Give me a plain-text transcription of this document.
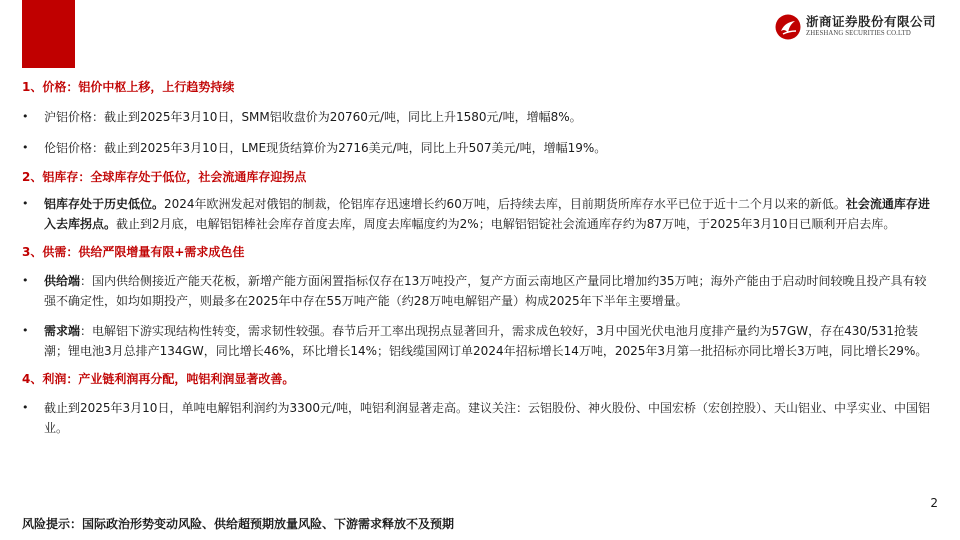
浙商证券股份有限公司
ZHESHANG SECURITIES CO.LTD

1、价格：铝价中枢上移，上行趋势持续

•	沪铝价格：截止到2025年3月10日，SMM铝收盘价为20760元/吨，同比上升1580元/吨，增幅8%。

•	伦铝价格：截止到2025年3月10日，LME现货结算价为2716美元/吨，同比上升507美元/吨，增幅19%。

2、铝库存：全球库存处于低位，社会流通库存迎拐点

•	铝库存处于历史低位。2024年欧洲发起对俄铝的制裁，伦铝库存迅速增长约60万吨，后持续去库，目前期货所库存水平已位于近十二个月以来的新低。社会流通库存进入去库拐点。截止到2月底，电解铝铝棒社会库存首度去库，周度去库幅度约为2%；电解铝铝锭社会流通库存约为87万吨，于2025年3月10日已顺利开启去库。

3、供需：供给严限增量有限+需求成色佳

•	供给端：国内供给侧接近产能天花板，新增产能方面闲置指标仅存在13万吨投产，复产方面云南地区产量同比增加约35万吨；海外产能由于启动时间较晚且投产具有较强不确定性，如均如期投产，则最多在2025年中存在55万吨产能（约28万吨电解铝产量）构成2025年下半年主要增量。

•	需求端：电解铝下游实现结构性转变，需求韧性较强。春节后开工率出现拐点显著回升，需求成色较好，3月中国光伏电池月度排产量约为57GW，存在430/531抢装潮；锂电池3月总排产134GW，同比增长46%，环比增长14%；铝线缆国网订单2024年招标增长14万吨，2025年3月第一批招标亦同比增长3万吨，同比增长29%。

4、利润：产业链利润再分配，吨铝利润显著改善。

•	截止到2025年3月10日，单吨电解铝利润约为3300元/吨，吨铝利润显著走高。建议关注：云铝股份、神火股份、中国宏桥（宏创控股）、天山铝业、中孚实业、中国铝业。

2
风险提示：国际政治形势变动风险、供给超预期放量风险、下游需求释放不及预期
